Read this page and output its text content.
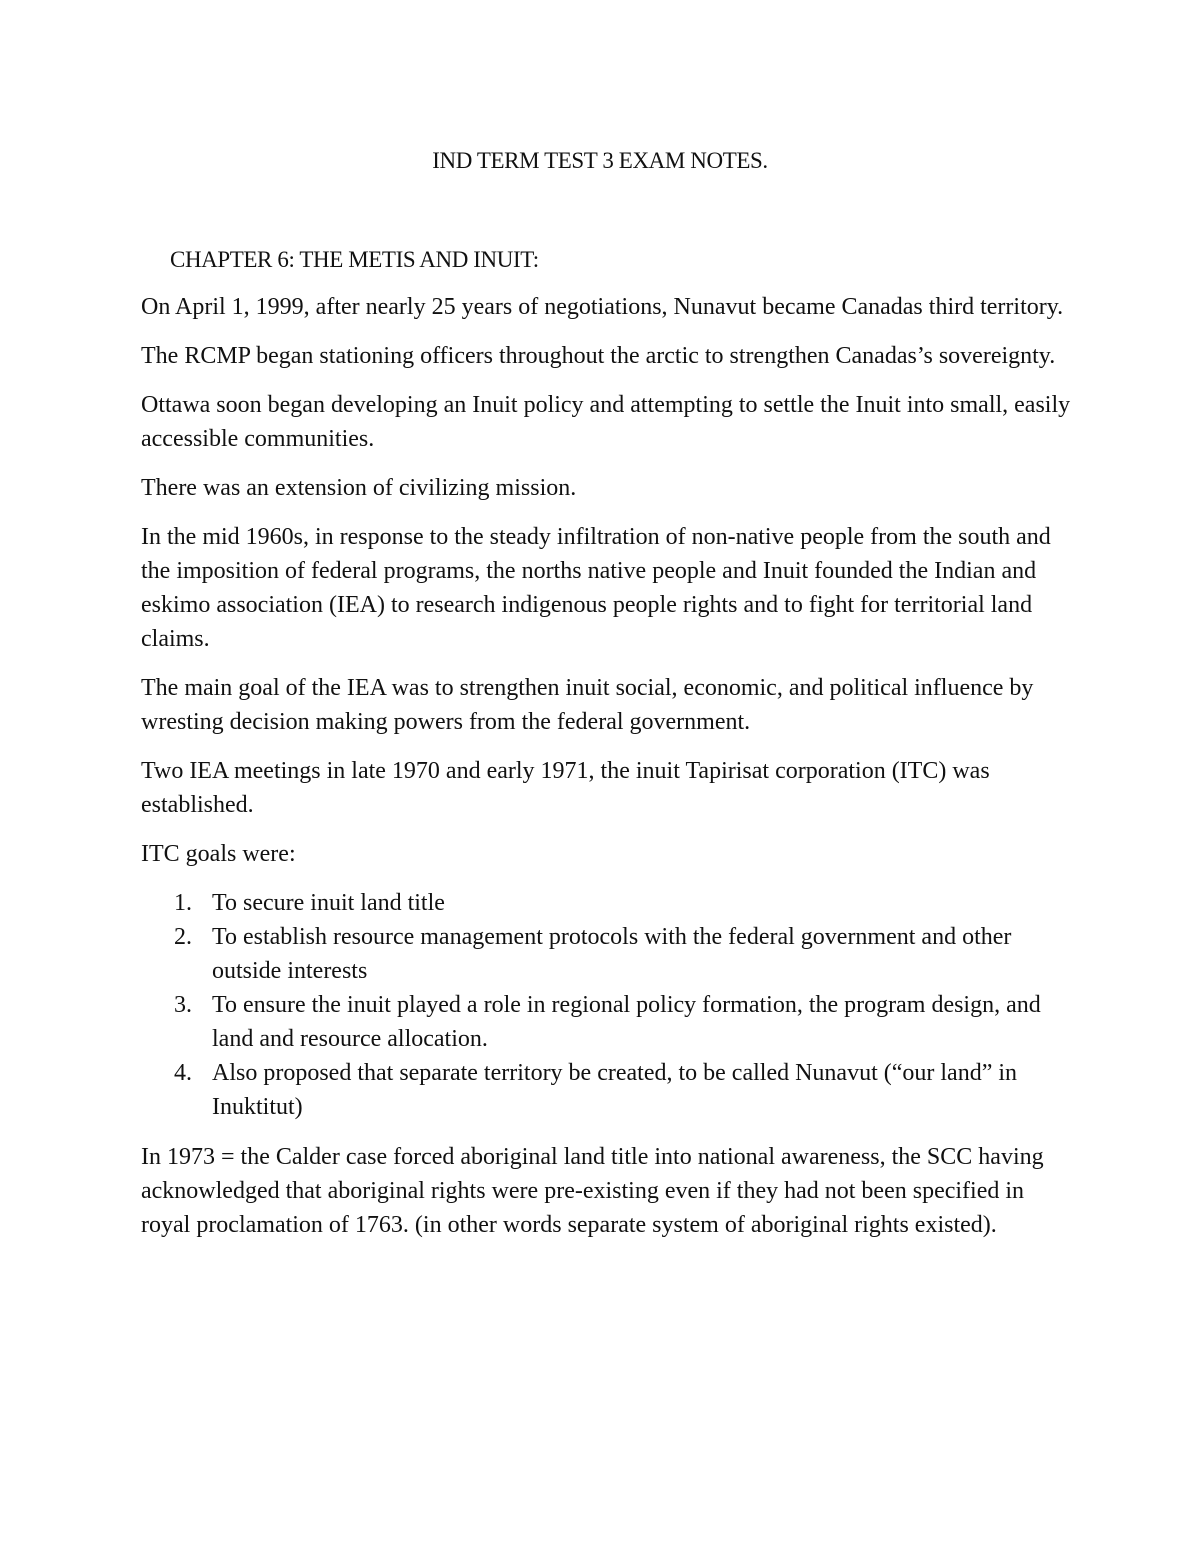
IND TERM TEST 3 EXAM NOTES.
CHAPTER 6: THE METIS AND INUIT:

On April 1, 1999, after nearly 25 years of negotiations, Nunavut became Canadas third territory.

The RCMP began stationing officers throughout the arctic to strengthen Canadas’s sovereignty.

Ottawa soon began developing an Inuit policy and attempting to settle the Inuit into small, easily accessible communities.

There was an extension of civilizing mission.

In the mid 1960s, in response to the steady infiltration of non-native people from the south and the imposition of federal programs, the norths native people and Inuit founded the Indian and eskimo association (IEA) to research indigenous people rights and to fight for territorial land claims.

The main goal of the IEA was to strengthen inuit social, economic, and political influence by wresting decision making powers from the federal government.

Two IEA meetings in late 1970 and early 1971, the inuit Tapirisat corporation (ITC) was established.

ITC goals were:

1. To secure inuit land title
2. To establish resource management protocols with the federal government and other outside interests
3. To ensure the inuit played a role in regional policy formation, the program design, and land and resource allocation.
4. Also proposed that separate territory be created, to be called Nunavut (“our land” in Inuktitut)

In 1973 = the Calder case forced aboriginal land title into national awareness, the SCC having acknowledged that aboriginal rights were pre-existing even if they had not been specified in royal proclamation of 1763. (in other words separate system of aboriginal rights existed).
